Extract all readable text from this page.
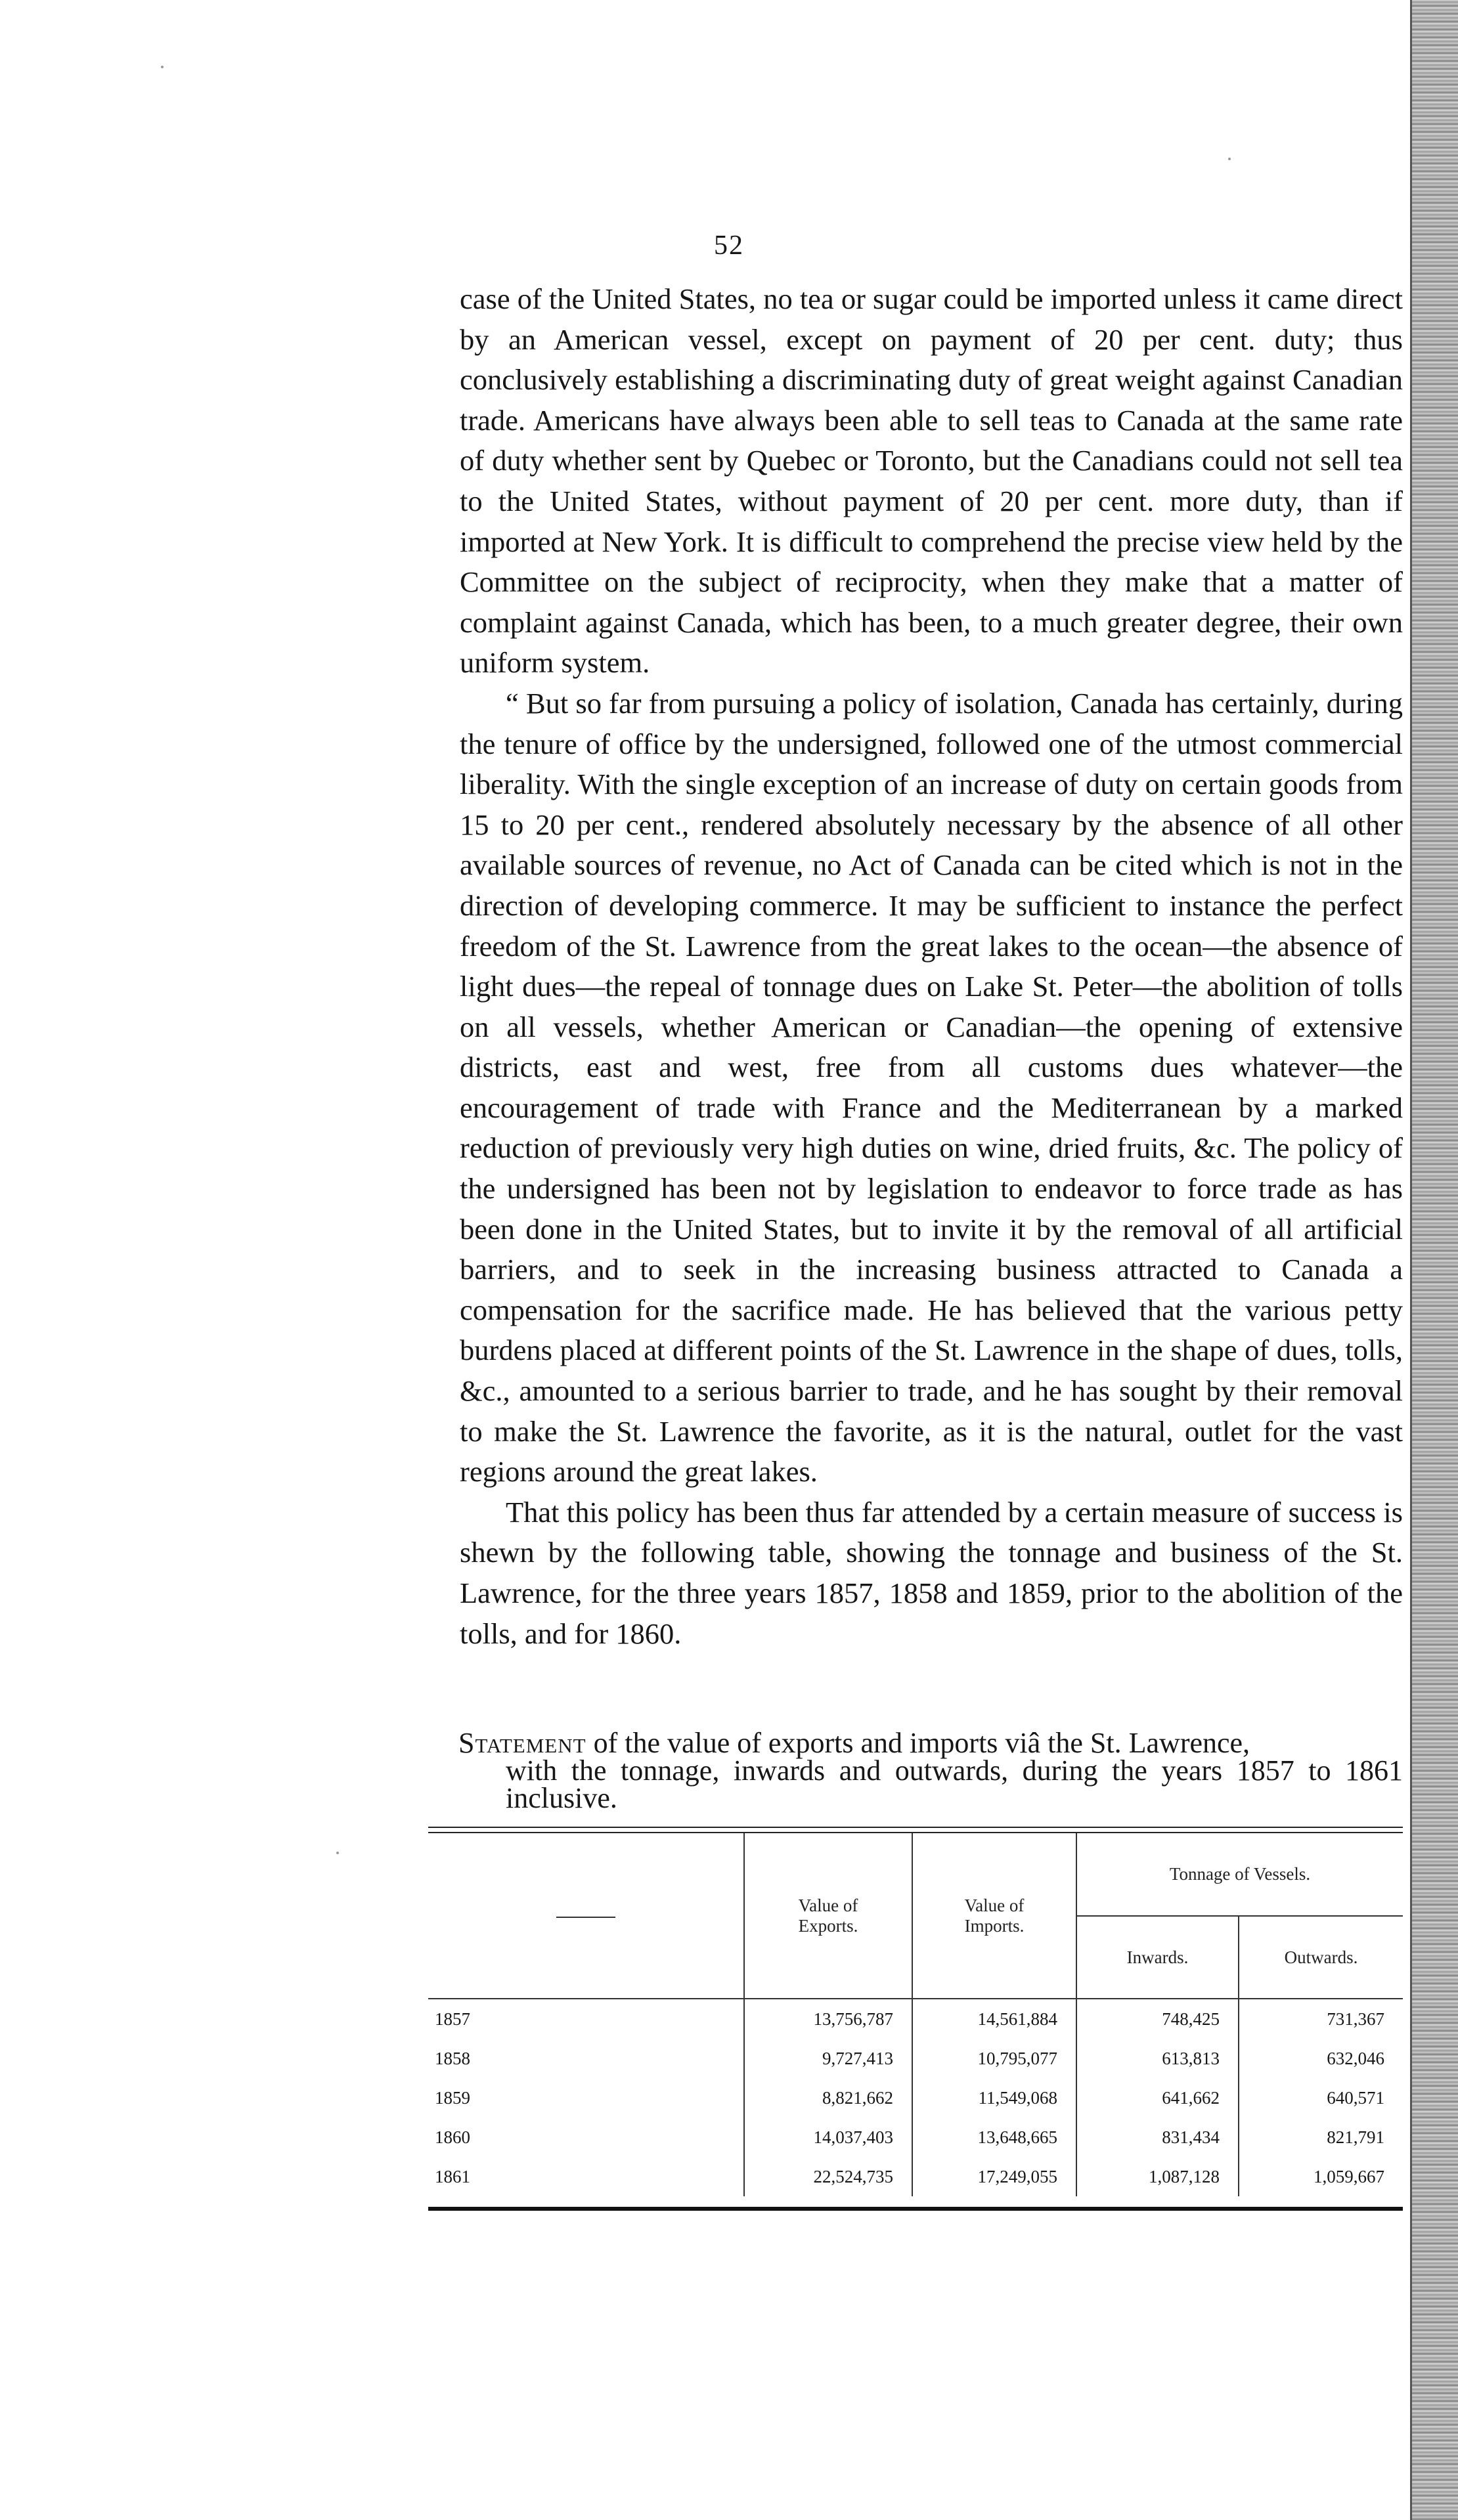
52

case of the United States, no tea or sugar could be imported unless it came direct by an American vessel, except on payment of 20 per cent. duty; thus conclusively establishing a discriminating duty of great weight against Canadian trade. Americans have always been able to sell teas to Canada at the same rate of duty whether sent by Quebec or Toronto, but the Canadians could not sell tea to the United States, without payment of 20 per cent. more duty, than if imported at New York. It is difficult to comprehend the precise view held by the Committee on the subject of reciprocity, when they make that a matter of complaint against Canada, which has been, to a much greater degree, their own uniform system.

“ But so far from pursuing a policy of isolation, Canada has certainly, during the tenure of office by the undersigned, followed one of the utmost commercial liberality. With the single exception of an increase of duty on certain goods from 15 to 20 per cent., rendered absolutely necessary by the absence of all other available sources of revenue, no Act of Canada can be cited which is not in the direction of developing commerce. It may be sufficient to instance the perfect freedom of the St. Lawrence from the great lakes to the ocean—the absence of light dues—the repeal of tonnage dues on Lake St. Peter—the abolition of tolls on all vessels, whether American or Canadian—the opening of extensive districts, east and west, free from all customs dues whatever—the encouragement of trade with France and the Mediterranean by a marked reduction of previously very high duties on wine, dried fruits, &c. The policy of the undersigned has been not by legislation to endeavor to force trade as has been done in the United States, but to invite it by the removal of all artificial barriers, and to seek in the increasing business attracted to Canada a compensation for the sacrifice made. He has believed that the various petty burdens placed at different points of the St. Lawrence in the shape of dues, tolls, &c., amounted to a serious barrier to trade, and he has sought by their removal to make the St. Lawrence the favorite, as it is the natural, outlet for the vast regions around the great lakes.

That this policy has been thus far attended by a certain measure of success is shewn by the following table, showing the tonnage and business of the St. Lawrence, for the three years 1857, 1858 and 1859, prior to the abolition of the tolls, and for 1860.

Statement of the value of exports and imports viâ the St. Lawrence,
with the tonnage, inwards and outwards, during the years 1857 to 1861 inclusive.
	Value of Exports.	Value of Imports.	Tonnage of Vessels.	
			Inwards.	Outwards.
1857	13,756,787	14,561,884	748,425	731,367
1858	9,727,413	10,795,077	613,813	632,046
1859	8,821,662	11,549,068	641,662	640,571
1860	14,037,403	13,648,665	831,434	821,791
1861	22,524,735	17,249,055	1,087,128	1,059,667
